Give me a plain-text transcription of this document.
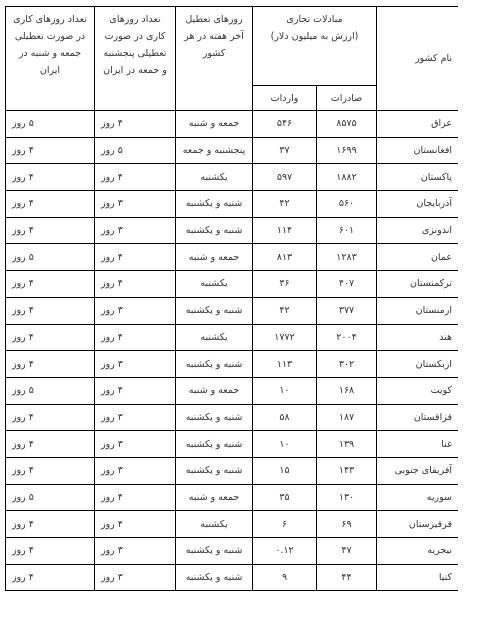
نام کشور	مبادلات تجاری
(ارزش به میلیون دلار)		روزهای تعطیل آخر هفته در هر کشور	تعداد روزهای کاری در صورت تعطیلی پنجشنبه و جمعه در ایران	تعداد روزهای کاری در صورت تعطیلی جمعه و شنبه در ایران
	صادرات	واردات			
عراق	۸۵۷۵	۵۴۶	جمعه و شنبه	۴ روز	۵ روز
افغانستان	۱۶۹۹	۳۷	پنجشنبه و جمعه	۵ روز	۴ روز
پاکستان	۱۸۸۲	۵۹۷	یکشنبه	۴ روز	۴ روز
آذربایجان	۵۶۰	۴۲	شنبه و یکشنبه	۳ روز	۴ روز
اندونزی	۶۰۱	۱۱۴	شنبه و یکشنبه	۳ روز	۴ روز
عمان	۱۲۸۳	۸۱۳	جمعه و شنبه	۴ روز	۵ روز
ترکمنستان	۴۰۷	۳۶	یکشنبه	۴ روز	۴ روز
ارمنستان	۳۷۷	۴۲	شنبه و یکشنبه	۳ روز	۴ روز
هند	۲۰۰۴	۱۷۷۲	یکشنبه	۴ روز	۴ روز
ازبکستان	۳۰۲	۱۱۳	شنبه و یکشنبه	۳ روز	۴ روز
کویت	۱۶۸	۱۰	جمعه و شنبه	۴ روز	۵ روز
قزاقستان	۱۸۷	۵۸	شنبه و یکشنبه	۳ روز	۴ روز
غنا	۱۳۹	۱۰	شنبه و یکشنبه	۳ روز	۴ روز
آفریقای جنوبی	۱۴۳	۱۵	شنبه و یکشنبه	۳ روز	۴ روز
سوریه	۱۳۰	۳۵	جمعه و شنبه	۴ روز	۵ روز
قرقیزستان	۶۹	۶	یکشنبه	۴ روز	۴ روز
نیجریه	۴۷	۰.۱۲	شنبه و یکشنبه	۳ روز	۴ روز
کنیا	۴۴	۹	شنبه و یکشنبه	۳ روز	۴ روز
